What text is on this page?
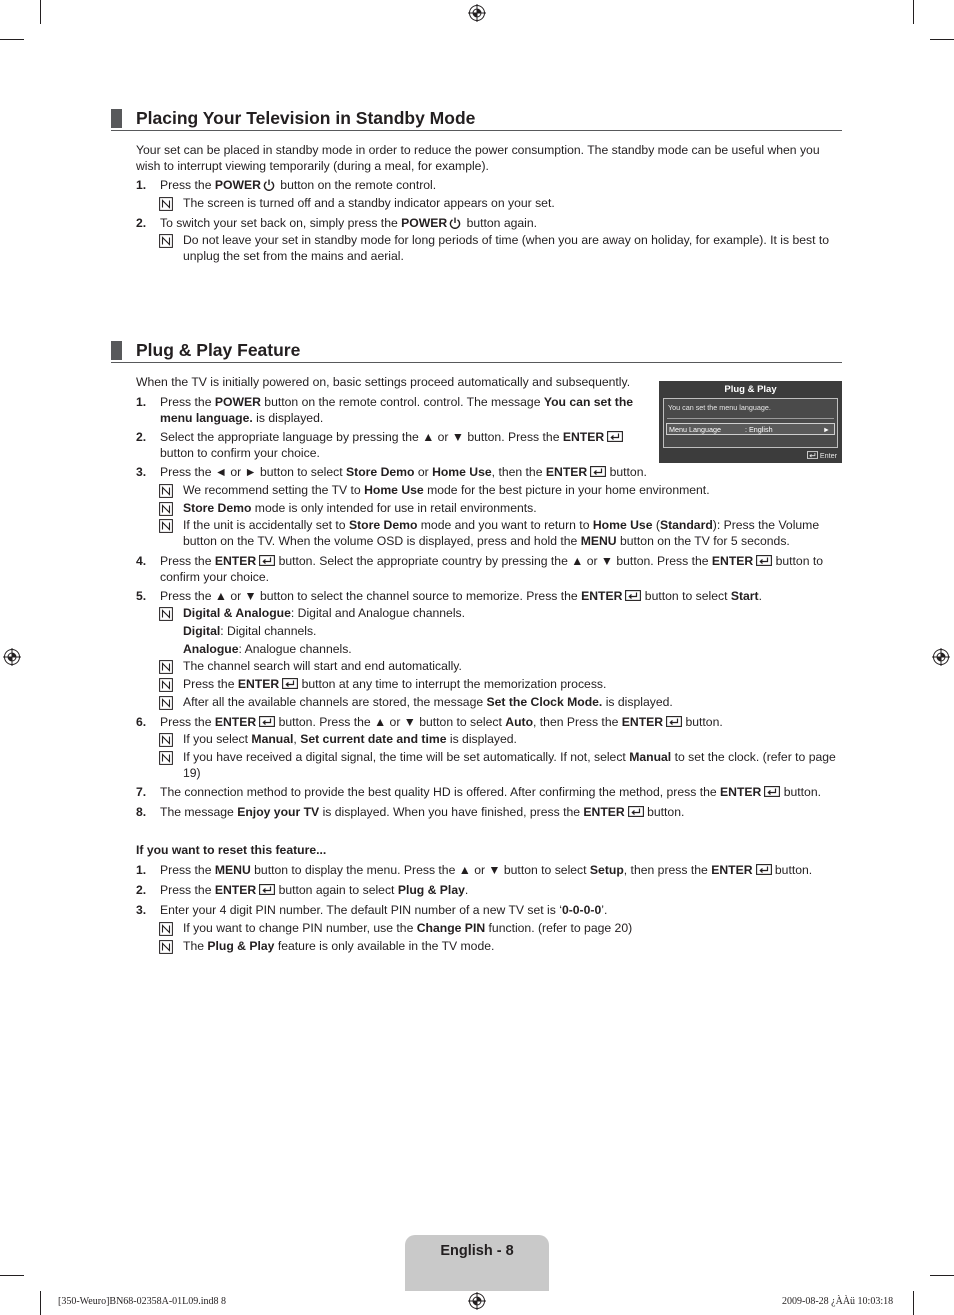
Placing Your Television in Standby Mode
Your set can be placed in standby mode in order to reduce the power consumption. The standby mode can be useful when you wish to interrupt viewing temporarily (during a meal, for example).
1.	Press the POWER button on the remote control.
The screen is turned off and a standby indicator appears on your set.
2.	To switch your set back on, simply press the POWER button again.
Do not leave your set in standby mode for long periods of time (when you are away on holiday, for example). It is best to unplug the set from the mains and aerial.
Plug & Play Feature
When the TV is initially powered on, basic settings proceed automatically and subsequently.
Plug & Play
You can set the menu language.
Menu Language	: English	►
Enter
1.	Press the POWER button on the remote control. control. The message You can set the menu language. is displayed.
2.	Select the appropriate language by pressing the ▲ or ▼ button. Press the ENTER button to confirm your choice.
3.	Press the ◄ or ► button to select Store Demo or Home Use, then the ENTER button.
We recommend setting the TV to Home Use mode for the best picture in your home environment.
Store Demo mode is only intended for use in retail environments.
If the unit is accidentally set to Store Demo mode and you want to return to Home Use (Standard): Press the Volume button on the TV. When the volume OSD is displayed, press and hold the MENU button on the TV for 5 seconds.
4.	Press the ENTER button. Select the appropriate country by pressing the ▲ or ▼ button. Press the ENTER button to confirm your choice.
5.	Press the ▲ or ▼ button to select the channel source to memorize. Press the ENTER button to select Start.
Digital & Analogue: Digital and Analogue channels.
Digital: Digital channels.
Analogue: Analogue channels.
The channel search will start and end automatically.
Press the ENTER button at any time to interrupt the memorization process.
After all the available channels are stored, the message Set the Clock Mode. is displayed.
6.	Press the ENTER button. Press the ▲ or ▼ button to select Auto, then Press the ENTER button.
If you select Manual, Set current date and time is displayed.
If you have received a digital signal, the time will be set automatically. If not, select Manual to set the clock. (refer to page 19)
7.	The connection method to provide the best quality HD is offered. After confirming the method, press the ENTER button.
8.	The message Enjoy your TV is displayed. When you have finished, press the ENTER button.
If you want to reset this feature...
1.	Press the MENU button to display the menu. Press the ▲ or ▼ button to select Setup, then press the ENTER button.
2.	Press the ENTER button again to select Plug & Play.
3.	Enter your 4 digit PIN number. The default PIN number of a new TV set is ‘0-0-0-0’.
If you want to change PIN number, use the Change PIN function. (refer to page 20)
The Plug & Play feature is only available in the TV mode.
English - 8
[350-Weuro]BN68-02358A-01L09.ind8 8	2009-08-28 ¿ÀÀü 10:03:18
